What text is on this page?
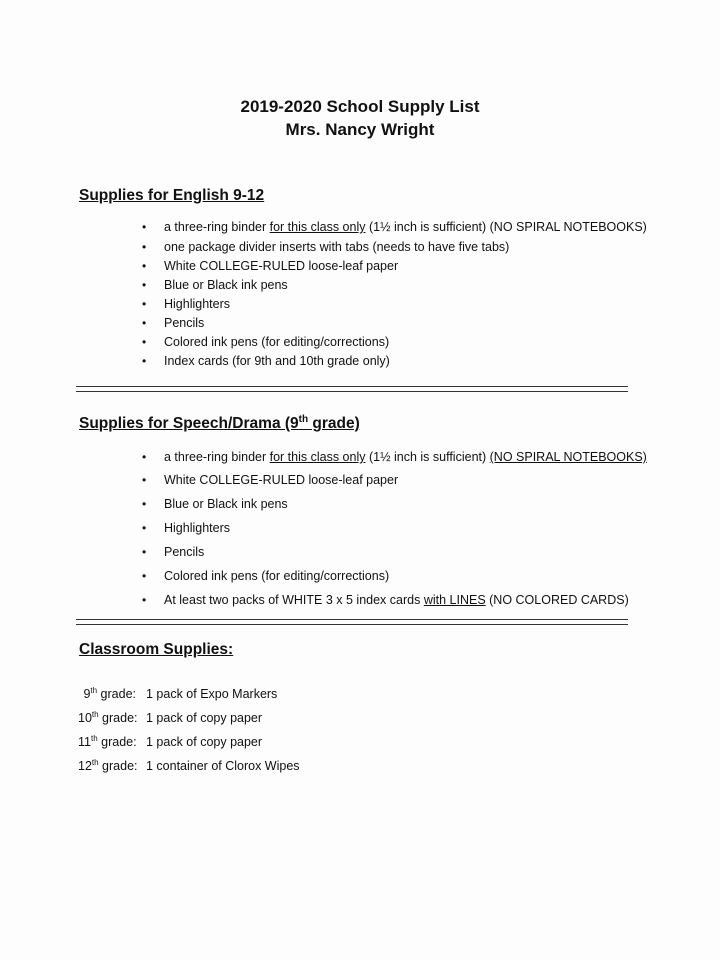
2019-2020 School Supply List
Mrs. Nancy Wright
Supplies for English 9-12
• a three-ring binder for this class only (1½ inch is sufficient) (NO SPIRAL NOTEBOOKS)
• one package divider inserts with tabs (needs to have five tabs)
• White COLLEGE-RULED loose-leaf paper
• Blue or Black ink pens
• Highlighters
• Pencils
• Colored ink pens (for editing/corrections)
• Index cards (for 9th and 10th grade only)
Supplies for Speech/Drama (9th grade)
• a three-ring binder for this class only (1½ inch is sufficient) (NO SPIRAL NOTEBOOKS)
• White COLLEGE-RULED loose-leaf paper
• Blue or Black ink pens
• Highlighters
• Pencils
• Colored ink pens (for editing/corrections)
• At least two packs of WHITE 3 x 5 index cards with LINES (NO COLORED CARDS)
Classroom Supplies:
9th grade: 1 pack of Expo Markers
10th grade: 1 pack of copy paper
11th grade: 1 pack of copy paper
12th grade: 1 container of Clorox Wipes
